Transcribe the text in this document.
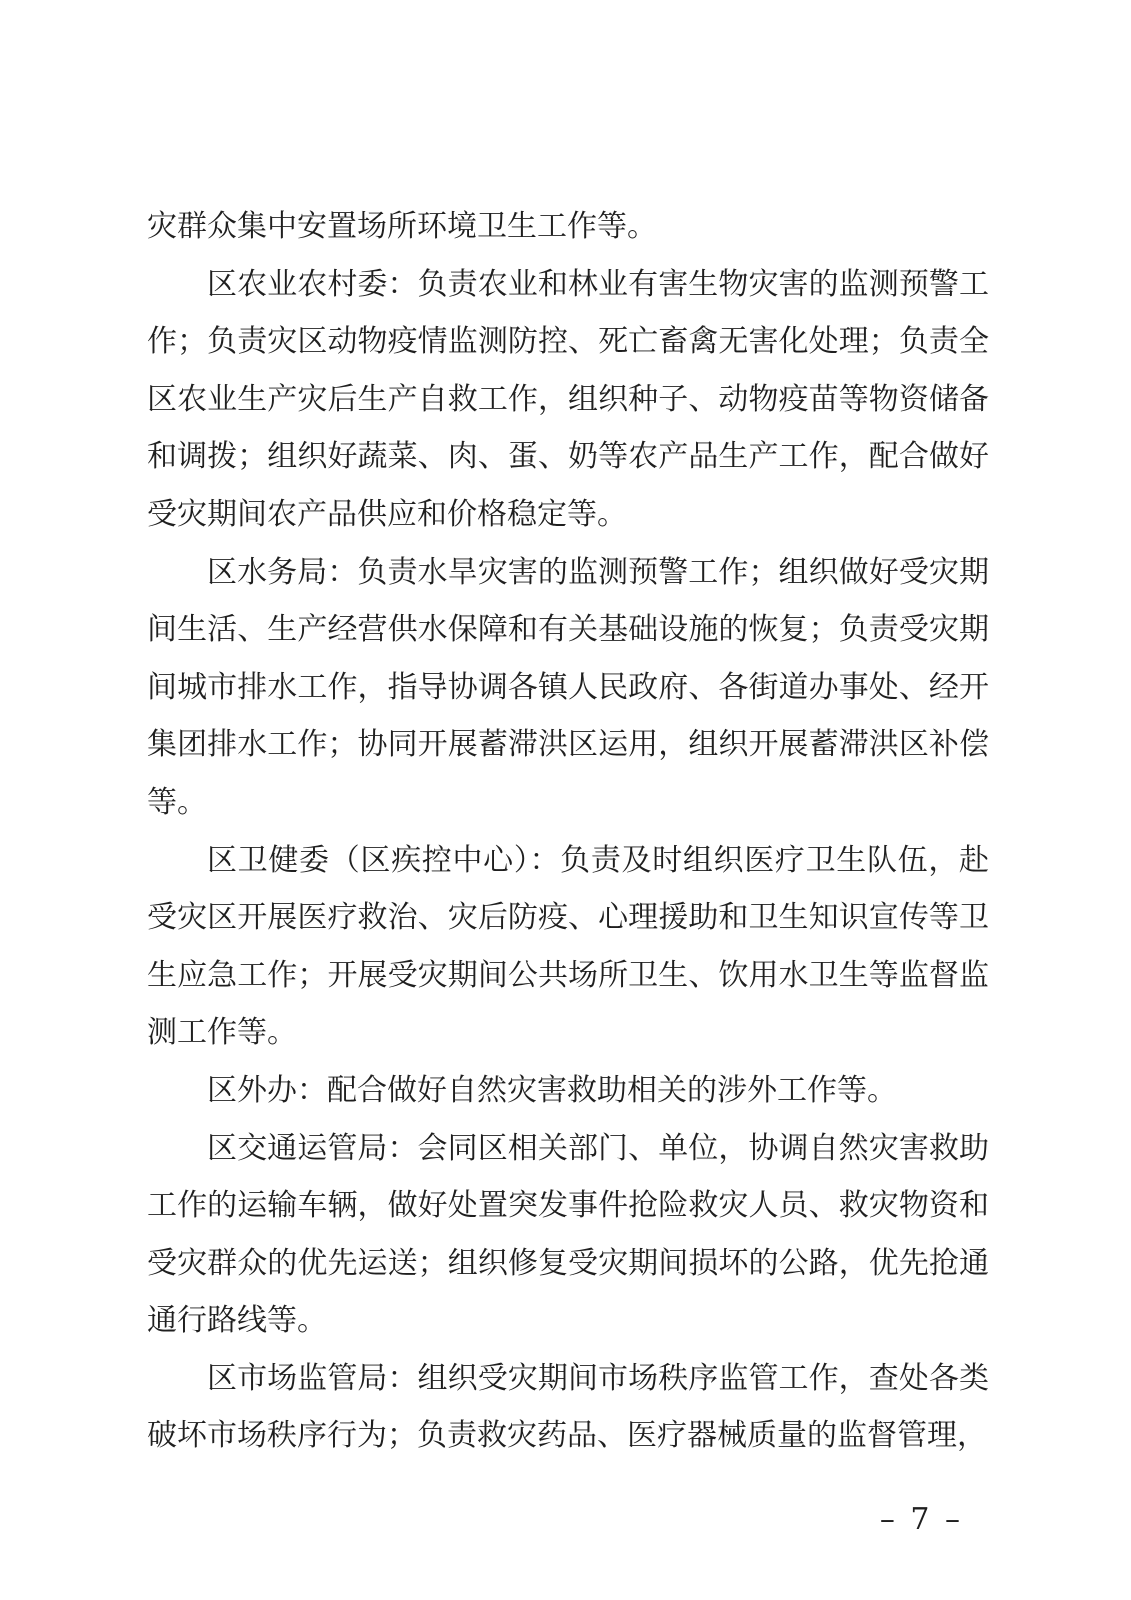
灾群众集中安置场所环境卫生工作等。

区农业农村委：负责农业和林业有害生物灾害的监测预警工作；负责灾区动物疫情监测防控、死亡畜禽无害化处理；负责全区农业生产灾后生产自救工作，组织种子、动物疫苗等物资储备和调拨；组织好蔬菜、肉、蛋、奶等农产品生产工作，配合做好受灾期间农产品供应和价格稳定等。

区水务局：负责水旱灾害的监测预警工作；组织做好受灾期间生活、生产经营供水保障和有关基础设施的恢复；负责受灾期间城市排水工作，指导协调各镇人民政府、各街道办事处、经开集团排水工作；协同开展蓄滞洪区运用，组织开展蓄滞洪区补偿等。

区卫健委（区疾控中心）：负责及时组织医疗卫生队伍，赴受灾区开展医疗救治、灾后防疫、心理援助和卫生知识宣传等卫生应急工作；开展受灾期间公共场所卫生、饮用水卫生等监督监测工作等。

区外办：配合做好自然灾害救助相关的涉外工作等。

区交通运管局：会同区相关部门、单位，协调自然灾害救助工作的运输车辆，做好处置突发事件抢险救灾人员、救灾物资和受灾群众的优先运送；组织修复受灾期间损坏的公路，优先抢通通行路线等。

区市场监管局：组织受灾期间市场秩序监管工作，查处各类破坏市场秩序行为；负责救灾药品、医疗器械质量的监督管理，

– 7 –
